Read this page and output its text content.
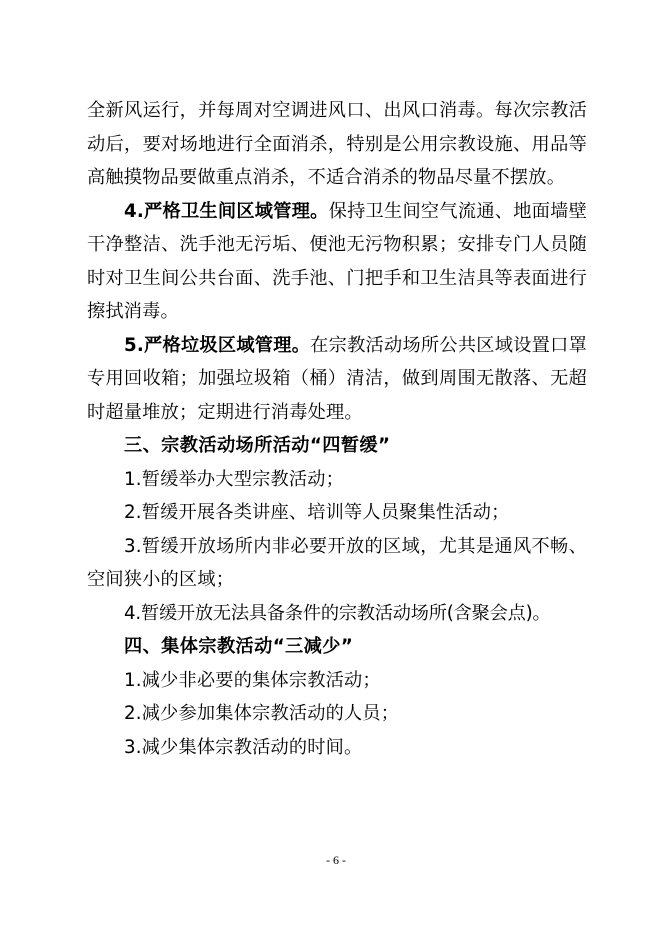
全新风运行，并每周对空调进风口、出风口消毒。每次宗教活动后，要对场地进行全面消杀，特别是公用宗教设施、用品等高触摸物品要做重点消杀，不适合消杀的物品尽量不摆放。

4.严格卫生间区域管理。保持卫生间空气流通、地面墙壁干净整洁、洗手池无污垢、便池无污物积累；安排专门人员随时对卫生间公共台面、洗手池、门把手和卫生洁具等表面进行擦拭消毒。

5.严格垃圾区域管理。在宗教活动场所公共区域设置口罩专用回收箱；加强垃圾箱（桶）清洁，做到周围无散落、无超时超量堆放；定期进行消毒处理。

三、宗教活动场所活动“四暂缓”

1.暂缓举办大型宗教活动；

2.暂缓开展各类讲座、培训等人员聚集性活动；

3.暂缓开放场所内非必要开放的区域，尤其是通风不畅、空间狭小的区域；

4.暂缓开放无法具备条件的宗教活动场所(含聚会点)。

四、集体宗教活动“三减少”

1.减少非必要的集体宗教活动；

2.减少参加集体宗教活动的人员；

3.减少集体宗教活动的时间。

- 6 -
